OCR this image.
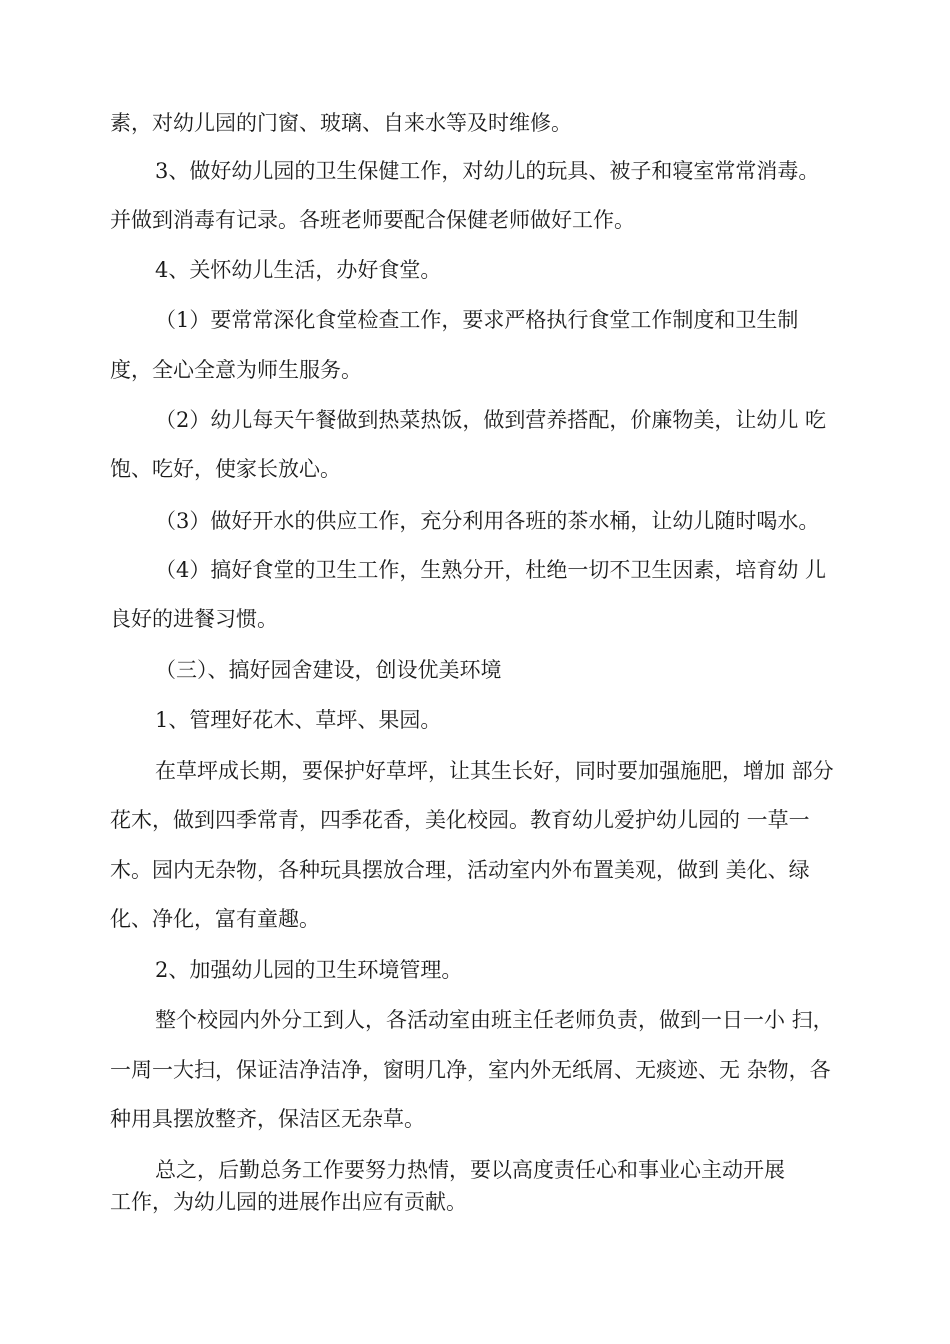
素，对幼儿园的门窗、玻璃、自来水等及时维修。
3、做好幼儿园的卫生保健工作，对幼儿的玩具、被子和寝室常常消毒。
并做到消毒有记录。各班老师要配合保健老师做好工作。
4、关怀幼儿生活，办好食堂。
（1）要常常深化食堂检查工作，要求严格执行食堂工作制度和卫生制
度，全心全意为师生服务。
（2）幼儿每天午餐做到热菜热饭，做到营养搭配，价廉物美，让幼儿 吃
饱、吃好，使家长放心。
（3）做好开水的供应工作，充分利用各班的茶水桶，让幼儿随时喝水。
（4）搞好食堂的卫生工作，生熟分开，杜绝一切不卫生因素，培育幼 儿
良好的进餐习惯。
（三）、搞好园舍建设，创设优美环境
1、管理好花木、草坪、果园。
在草坪成长期，要保护好草坪，让其生长好，同时要加强施肥，增加 部分
花木，做到四季常青，四季花香，美化校园。教育幼儿爱护幼儿园的 一草一
木。园内无杂物，各种玩具摆放合理，活动室内外布置美观，做到 美化、绿
化、净化，富有童趣。
2、加强幼儿园的卫生环境管理。
整个校园内外分工到人，各活动室由班主任老师负责，做到一日一小 扫，
一周一大扫，保证洁净洁净，窗明几净，室内外无纸屑、无痰迹、无 杂物，各
种用具摆放整齐，保洁区无杂草。
总之，后勤总务工作要努力热情，要以高度责任心和事业心主动开展
工作，为幼儿园的进展作出应有贡献。
